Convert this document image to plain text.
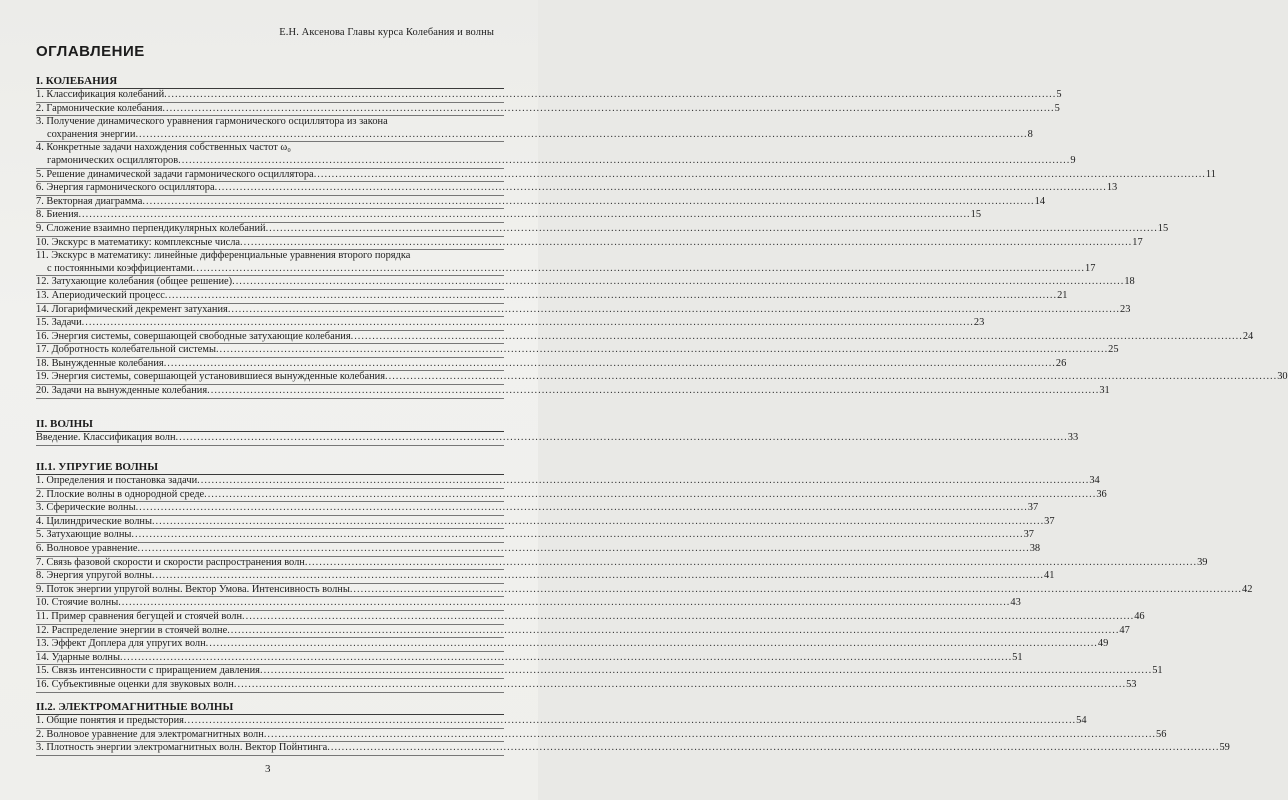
Е.Н. Аксенова Главы курса Колебания и волны
ОГЛАВЛЕНИЕ
I. КОЛЕБАНИЯ
1. Классификация колебаний .....	5
2. Гармонические колебания .....	5
3. Получение динамического уравнения гармонического осциллятора из закона
сохранения энергии .....	8
4. Конкретные задачи нахождения собственных частот ω₀
гармонических осцилляторов .....	9
5. Решение динамической задачи гармонического осциллятора .....	11
6. Энергия гармонического осциллятора .....	13
7. Векторная диаграмма .....	14
8. Биения .....	15
9. Сложение взаимно перпендикулярных колебаний .....	15
10. Экскурс в математику: комплексные числа .....	17
11. Экскурс в математику: линейные дифференциальные уравнения второго порядка
с постоянными коэффициентами .....	17
12. Затухающие колебания (общее решение) .....	18
13. Апериодический процесс .....	21
14. Логарифмический декремент затухания .....	23
15. Задачи .....	23
16. Энергия системы, совершающей свободные затухающие колебания .....	24
17. Добротность колебательной системы .....	25
18. Вынужденные колебания .....	26
19. Энергия системы, совершающей установившиеся вынужденные колебания .....	30
20. Задачи на вынужденные колебания .....	31
II. ВОЛНЫ
Введение. Классификация волн .....	33
II.1. УПРУГИЕ ВОЛНЫ
1. Определения и постановка задачи .....	34
2. Плоские волны в однородной среде .....	36
3. Сферические волны .....	37
4. Цилиндрические волны .....	37
5. Затухающие волны .....	37
6. Волновое уравнение .....	38
7. Связь фазовой скорости и скорости распространения волн .....	39
8. Энергия упругой волны .....	41
9. Поток энергии упругой волны. Вектор Умова. Интенсивность волны .....	42
10. Стоячие волны .....	43
11. Пример сравнения бегущей и стоячей волн .....	46
12. Распределение энергии в стоячей волне .....	47
13. Эффект Доплера для упругих волн .....	49
14. Ударные волны .....	51
15. Связь интенсивности с приращением давления .....	51
16. Субъективные оценки для звуковых волн .....	53
II.2. ЭЛЕКТРОМАГНИТНЫЕ ВОЛНЫ
1. Общие понятия и предыстория .....	54
2. Волновое уравнение для электромагнитных волн .....	56
3. Плотность энергии электромагнитных волн. Вектор Пойнтинга .....	59
3
